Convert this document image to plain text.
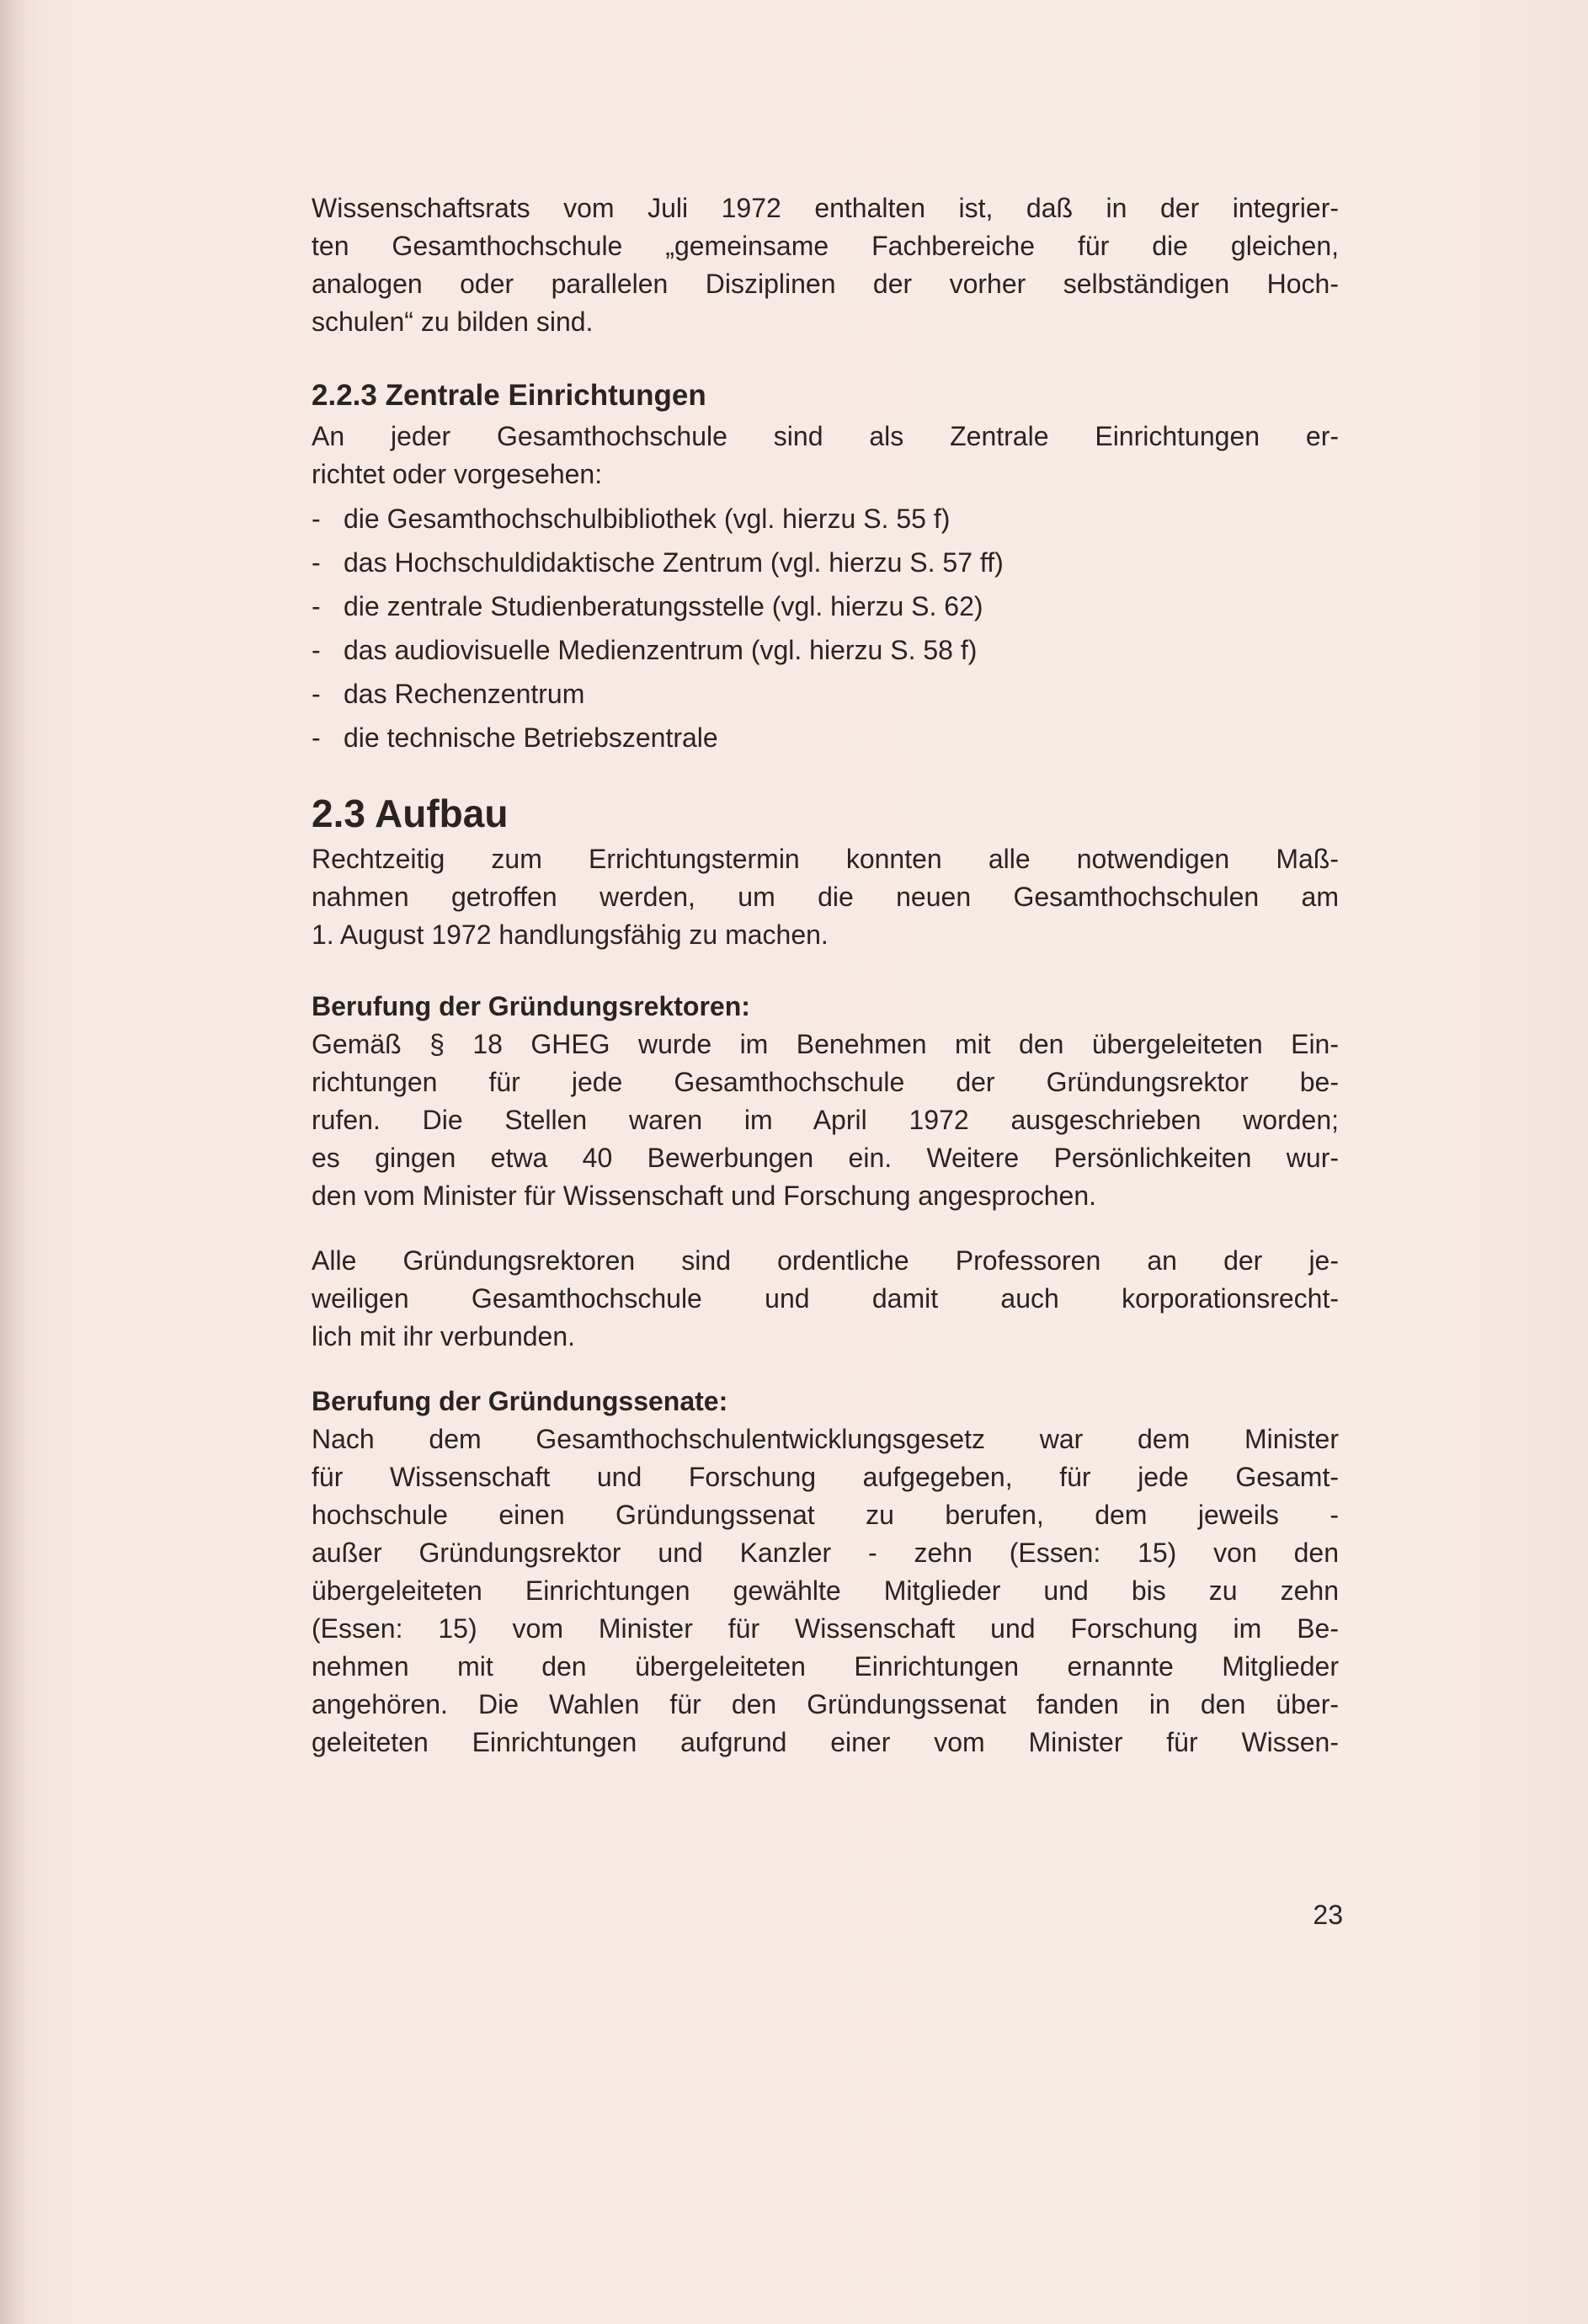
Wissenschaftsrats vom Juli 1972 enthalten ist, daß in der integrier-
ten Gesamthochschule „gemeinsame Fachbereiche für die gleichen,
analogen oder parallelen Disziplinen der vorher selbständigen Hoch-
schulen“ zu bilden sind.

2.2.3 Zentrale Einrichtungen

An jeder Gesamthochschule sind als Zentrale Einrichtungen er-
richtet oder vorgesehen:

- die Gesamthochschulbibliothek (vgl. hierzu S. 55 f)
- das Hochschuldidaktische Zentrum (vgl. hierzu S. 57 ff)
- die zentrale Studienberatungsstelle (vgl. hierzu S. 62)
- das audiovisuelle Medienzentrum (vgl. hierzu S. 58 f)
- das Rechenzentrum
- die technische Betriebszentrale
2.3 Aufbau

Rechtzeitig zum Errichtungstermin konnten alle notwendigen Maß-
nahmen getroffen werden, um die neuen Gesamthochschulen am
1. August 1972 handlungsfähig zu machen.

Berufung der Gründungsrektoren:

Gemäß § 18 GHEG wurde im Benehmen mit den übergeleiteten Ein-
richtungen für jede Gesamthochschule der Gründungsrektor be-
rufen. Die Stellen waren im April 1972 ausgeschrieben worden;
es gingen etwa 40 Bewerbungen ein. Weitere Persönlichkeiten wur-
den vom Minister für Wissenschaft und Forschung angesprochen.

Alle Gründungsrektoren sind ordentliche Professoren an der je-
weiligen Gesamthochschule und damit auch korporationsrecht-
lich mit ihr verbunden.

Berufung der Gründungssenate:

Nach dem Gesamthochschulentwicklungsgesetz war dem Minister
für Wissenschaft und Forschung aufgegeben, für jede Gesamt-
hochschule einen Gründungssenat zu berufen, dem jeweils -
außer Gründungsrektor und Kanzler - zehn (Essen: 15) von den
übergeleiteten Einrichtungen gewählte Mitglieder und bis zu zehn
(Essen: 15) vom Minister für Wissenschaft und Forschung im Be-
nehmen mit den übergeleiteten Einrichtungen ernannte Mitglieder
angehören. Die Wahlen für den Gründungssenat fanden in den über-
geleiteten Einrichtungen aufgrund einer vom Minister für Wissen-

23
